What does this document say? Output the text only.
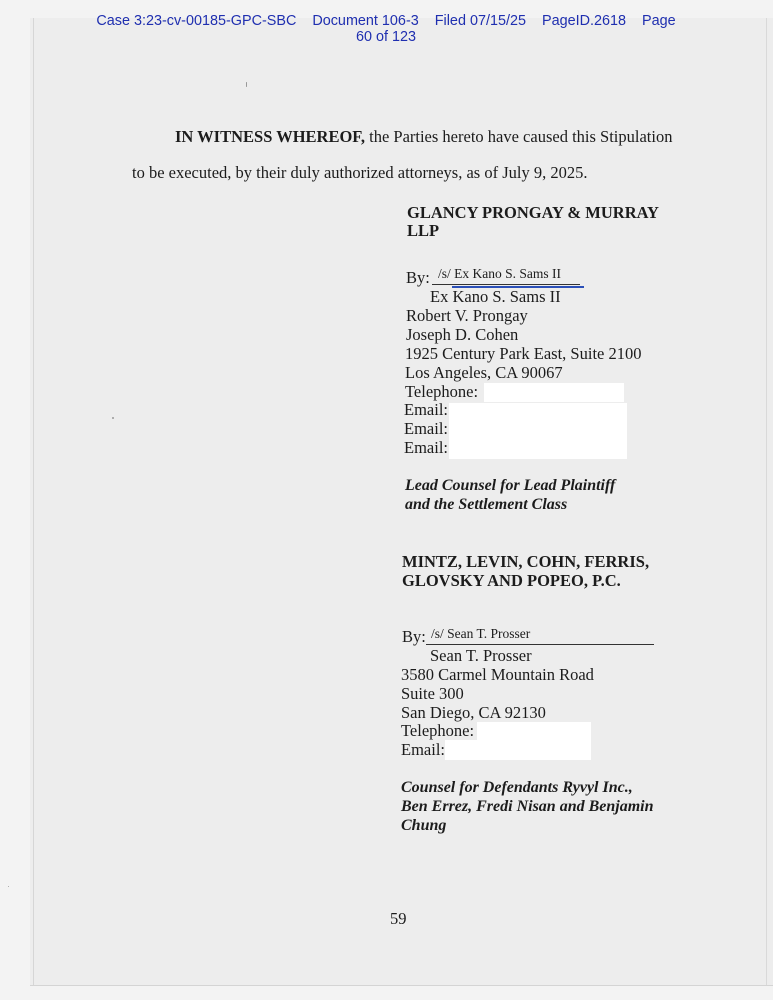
Case 3:23-cv-00185-GPC-SBC Document 106-3 Filed 07/15/25 PageID.2618 Page
60 of 123
IN WITNESS WHEREOF, the Parties hereto have caused this Stipulation
to be executed, by their duly authorized attorneys, as of July 9, 2025.
GLANCY PRONGAY & MURRAY
LLP
By: /s/ Ex Kano S. Sams II
Ex Kano S. Sams II
Robert V. Prongay
Joseph D. Cohen
1925 Century Park East, Suite 2100
Los Angeles, CA 90067
Telephone:
Email:
Email:
Email:
Lead Counsel for Lead Plaintiff
and the Settlement Class
MINTZ, LEVIN, COHN, FERRIS,
GLOVSKY AND POPEO, P.C.
By: /s/ Sean T. Prosser
Sean T. Prosser
3580 Carmel Mountain Road
Suite 300
San Diego, CA 92130
Telephone:
Email:
Counsel for Defendants Ryvyl Inc.,
Ben Errez, Fredi Nisan and Benjamin
Chung
59
